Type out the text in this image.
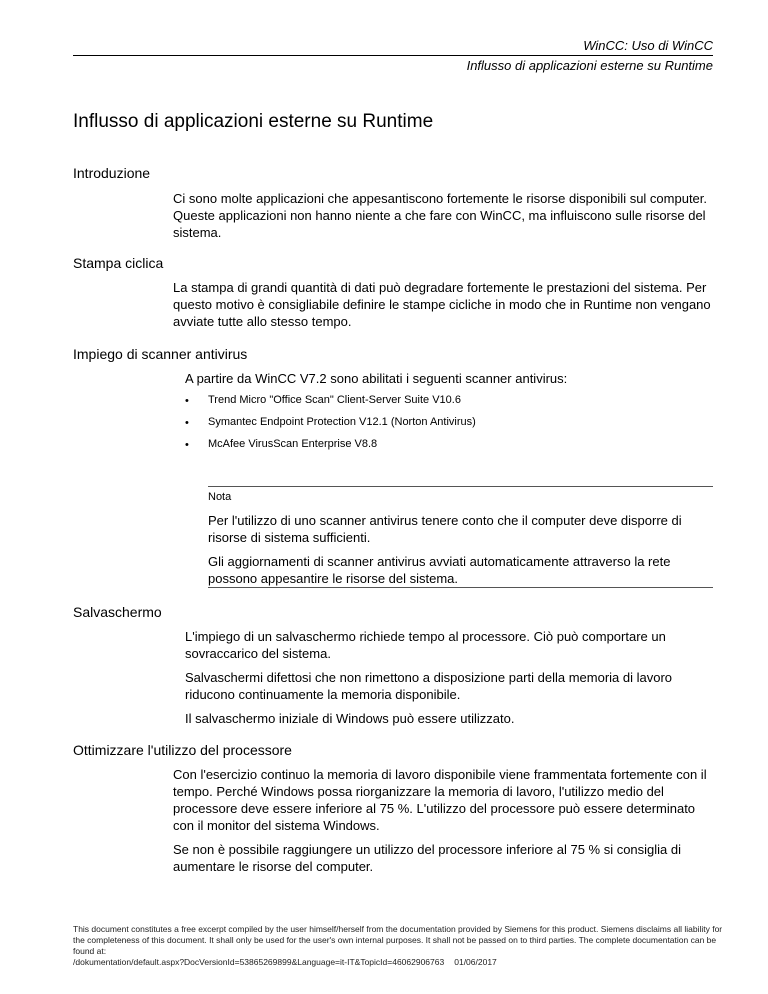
WinCC: Uso di WinCC
Influsso di applicazioni esterne su Runtime
Influsso di applicazioni esterne su Runtime
Introduzione

Ci sono molte applicazioni che appesantiscono fortemente le risorse disponibili sul computer. Queste applicazioni non hanno niente a che fare con WinCC, ma influiscono sulle risorse del sistema.

Stampa ciclica

La stampa di grandi quantità di dati può degradare fortemente le prestazioni del sistema. Per questo motivo è consigliabile definire le stampe cicliche in modo che in Runtime non vengano avviate tutte allo stesso tempo.

Impiego di scanner antivirus

A partire da WinCC V7.2 sono abilitati i seguenti scanner antivirus:

• Trend Micro "Office Scan" Client-Server Suite V10.6
• Symantec Endpoint Protection V12.1 (Norton Antivirus)
• McAfee VirusScan Enterprise V8.8
Nota

Per l'utilizzo di uno scanner antivirus tenere conto che il computer deve disporre di risorse di sistema sufficienti.

Gli aggiornamenti di scanner antivirus avviati automaticamente attraverso la rete possono appesantire le risorse del sistema.

Salvaschermo

L'impiego di un salvaschermo richiede tempo al processore. Ciò può comportare un sovraccarico del sistema.

Salvaschermi difettosi che non rimettono a disposizione parti della memoria di lavoro riducono continuamente la memoria disponibile.

Il salvaschermo iniziale di Windows può essere utilizzato.

Ottimizzare l'utilizzo del processore

Con l'esercizio continuo la memoria di lavoro disponibile viene frammentata fortemente con il tempo. Perché Windows possa riorganizzare la memoria di lavoro, l'utilizzo medio del processore deve essere inferiore al 75 %. L'utilizzo del processore può essere determinato con il monitor del sistema Windows.

Se non è possibile raggiungere un utilizzo del processore inferiore al 75 % si consiglia di aumentare le risorse del computer.

This document constitutes a free excerpt compiled by the user himself/herself from the documentation provided by Siemens for this product. Siemens disclaims all liability for the completeness of this document. It shall only be used for the user's own internal purposes. It shall not be passed on to third parties. The complete documentation can be found at:
/dokumentation/default.aspx?DocVersionId=53865269899&Language=it-IT&TopicId=46062906763 01/06/2017
